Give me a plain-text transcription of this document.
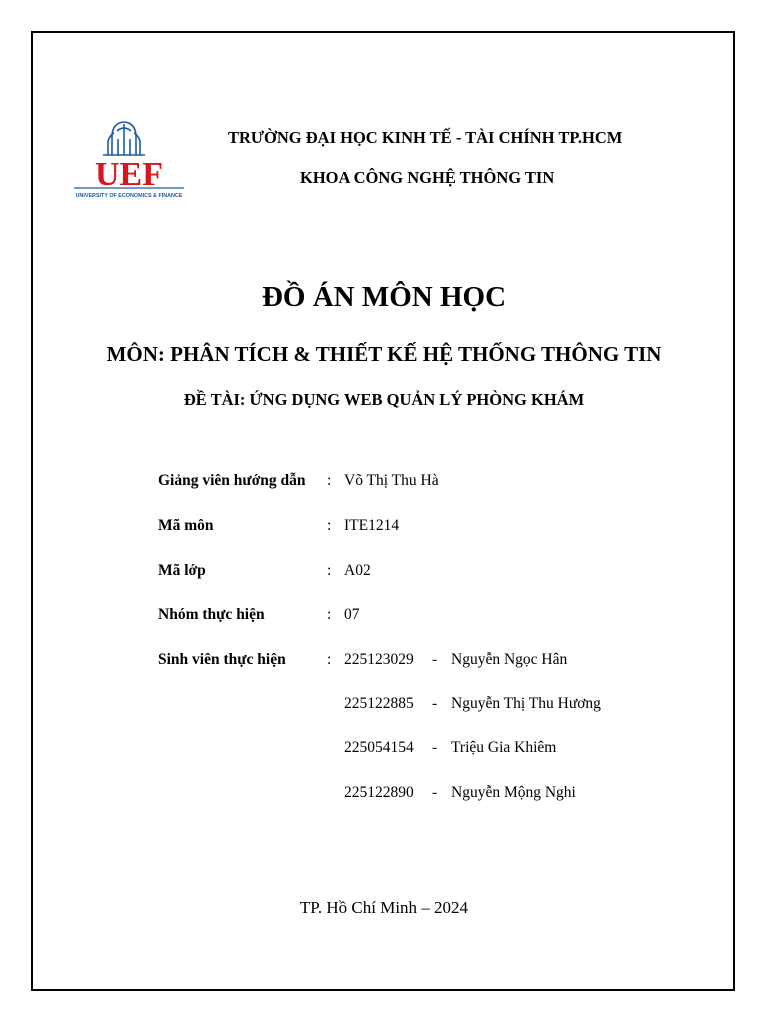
UEF
UNIVERSITY OF ECONOMICS & FINANCE
TRƯỜNG ĐẠI HỌC KINH TẾ - TÀI CHÍNH TP.HCM
KHOA CÔNG NGHỆ THÔNG TIN
ĐỒ ÁN MÔN HỌC
MÔN: PHÂN TÍCH & THIẾT KẾ HỆ THỐNG THÔNG TIN
ĐỀ TÀI: ỨNG DỤNG WEB QUẢN LÝ PHÒNG KHÁM
Giảng viên hướng dẫn : Võ Thị Thu Hà
Mã môn	: ITE1214
Mã lớp	: A02
Nhóm thực hiện	: 07
Sinh viên thực hiện	: 225123029 - Nguyễn Ngọc Hân
225122885 - Nguyễn Thị Thu Hương
225054154 - Triệu Gia Khiêm
225122890 - Nguyễn Mộng Nghi
TP. Hồ Chí Minh – 2024
